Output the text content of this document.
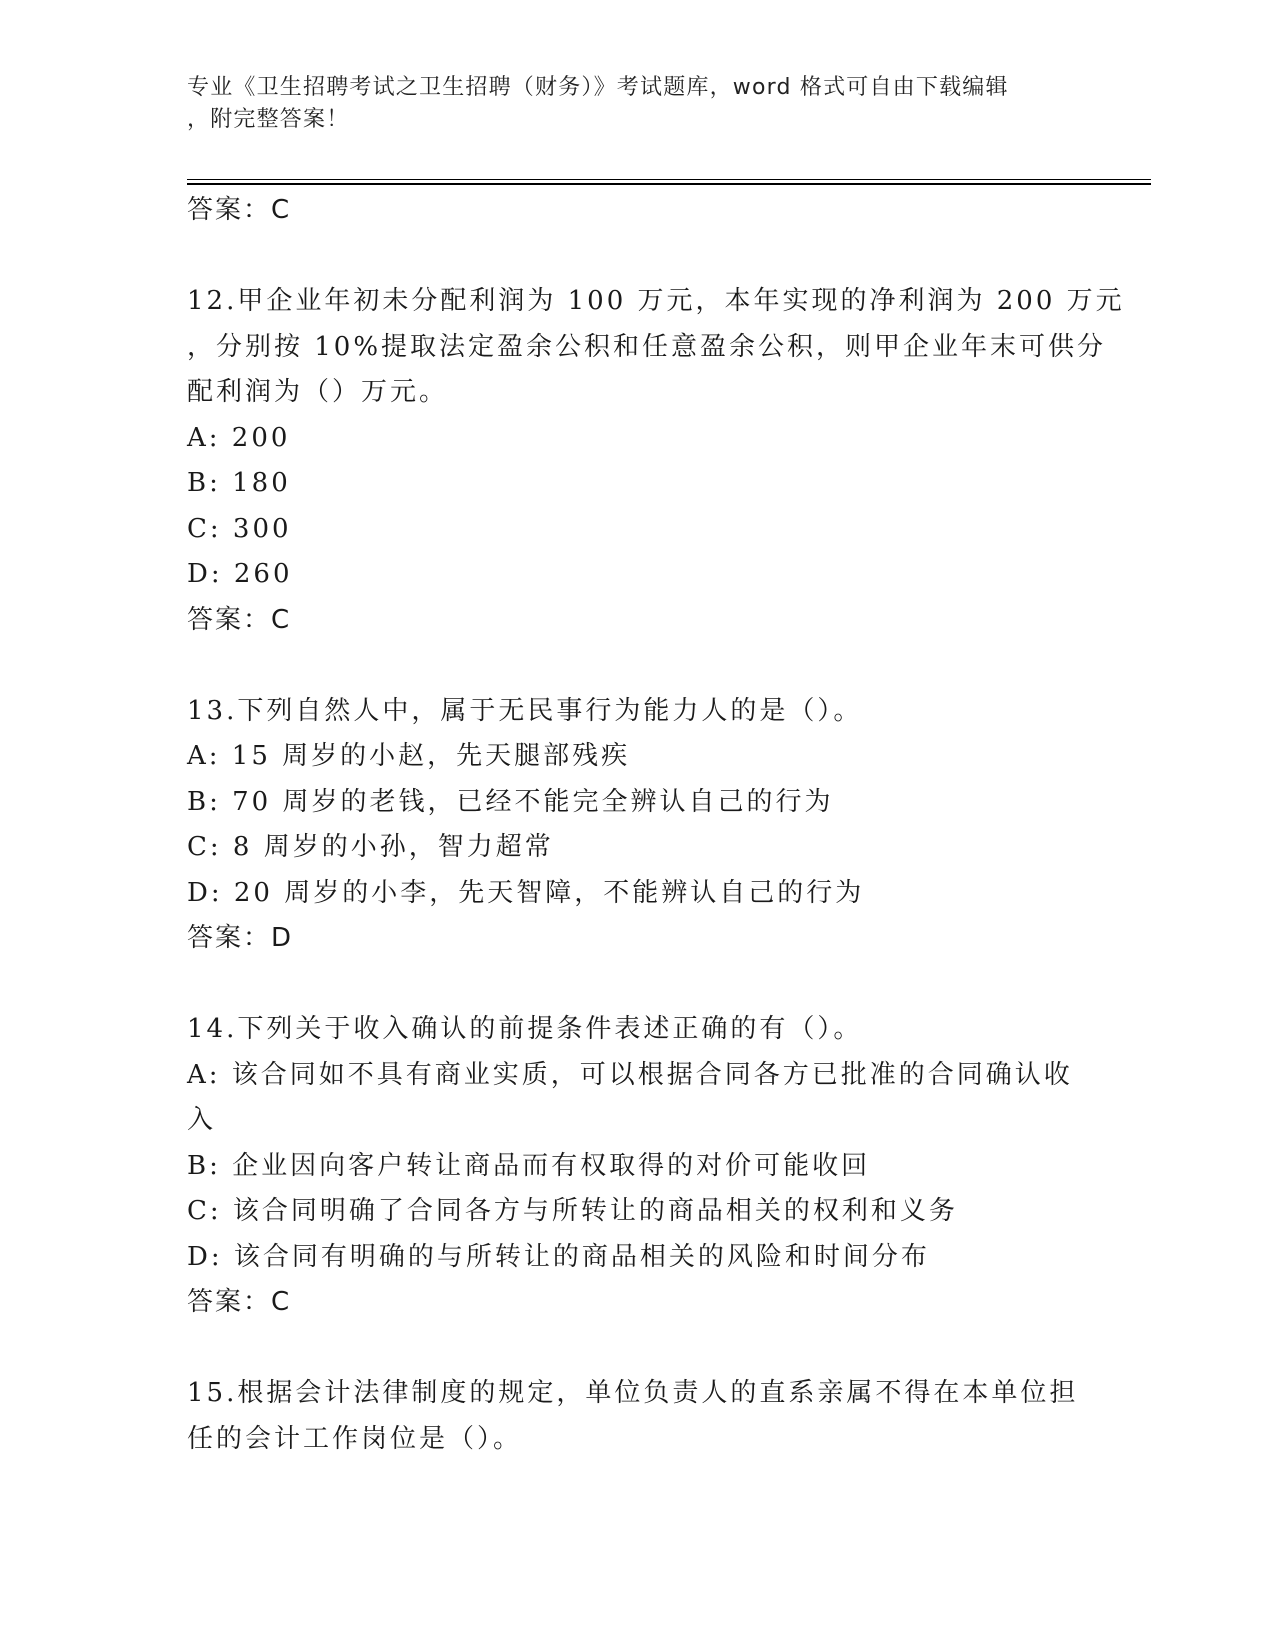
专业《卫生招聘考试之卫生招聘（财务）》考试题库，word 格式可自由下载编辑
，附完整答案！
答案：C
12.甲企业年初未分配利润为 100 万元，本年实现的净利润为 200 万元
，分别按 10%提取法定盈余公积和任意盈余公积，则甲企业年末可供分
配利润为（）万元。
A: 200
B: 180
C: 300
D: 260
答案：C
13.下列自然人中，属于无民事行为能力人的是（）。
A: 15 周岁的小赵，先天腿部残疾
B: 70 周岁的老钱，已经不能完全辨认自己的行为
C: 8 周岁的小孙，智力超常
D: 20 周岁的小李，先天智障，不能辨认自己的行为
答案：D
14.下列关于收入确认的前提条件表述正确的有（）。
A: 该合同如不具有商业实质，可以根据合同各方已批准的合同确认收
入
B: 企业因向客户转让商品而有权取得的对价可能收回
C: 该合同明确了合同各方与所转让的商品相关的权利和义务
D: 该合同有明确的与所转让的商品相关的风险和时间分布
答案：C
15.根据会计法律制度的规定，单位负责人的直系亲属不得在本单位担
任的会计工作岗位是（）。
